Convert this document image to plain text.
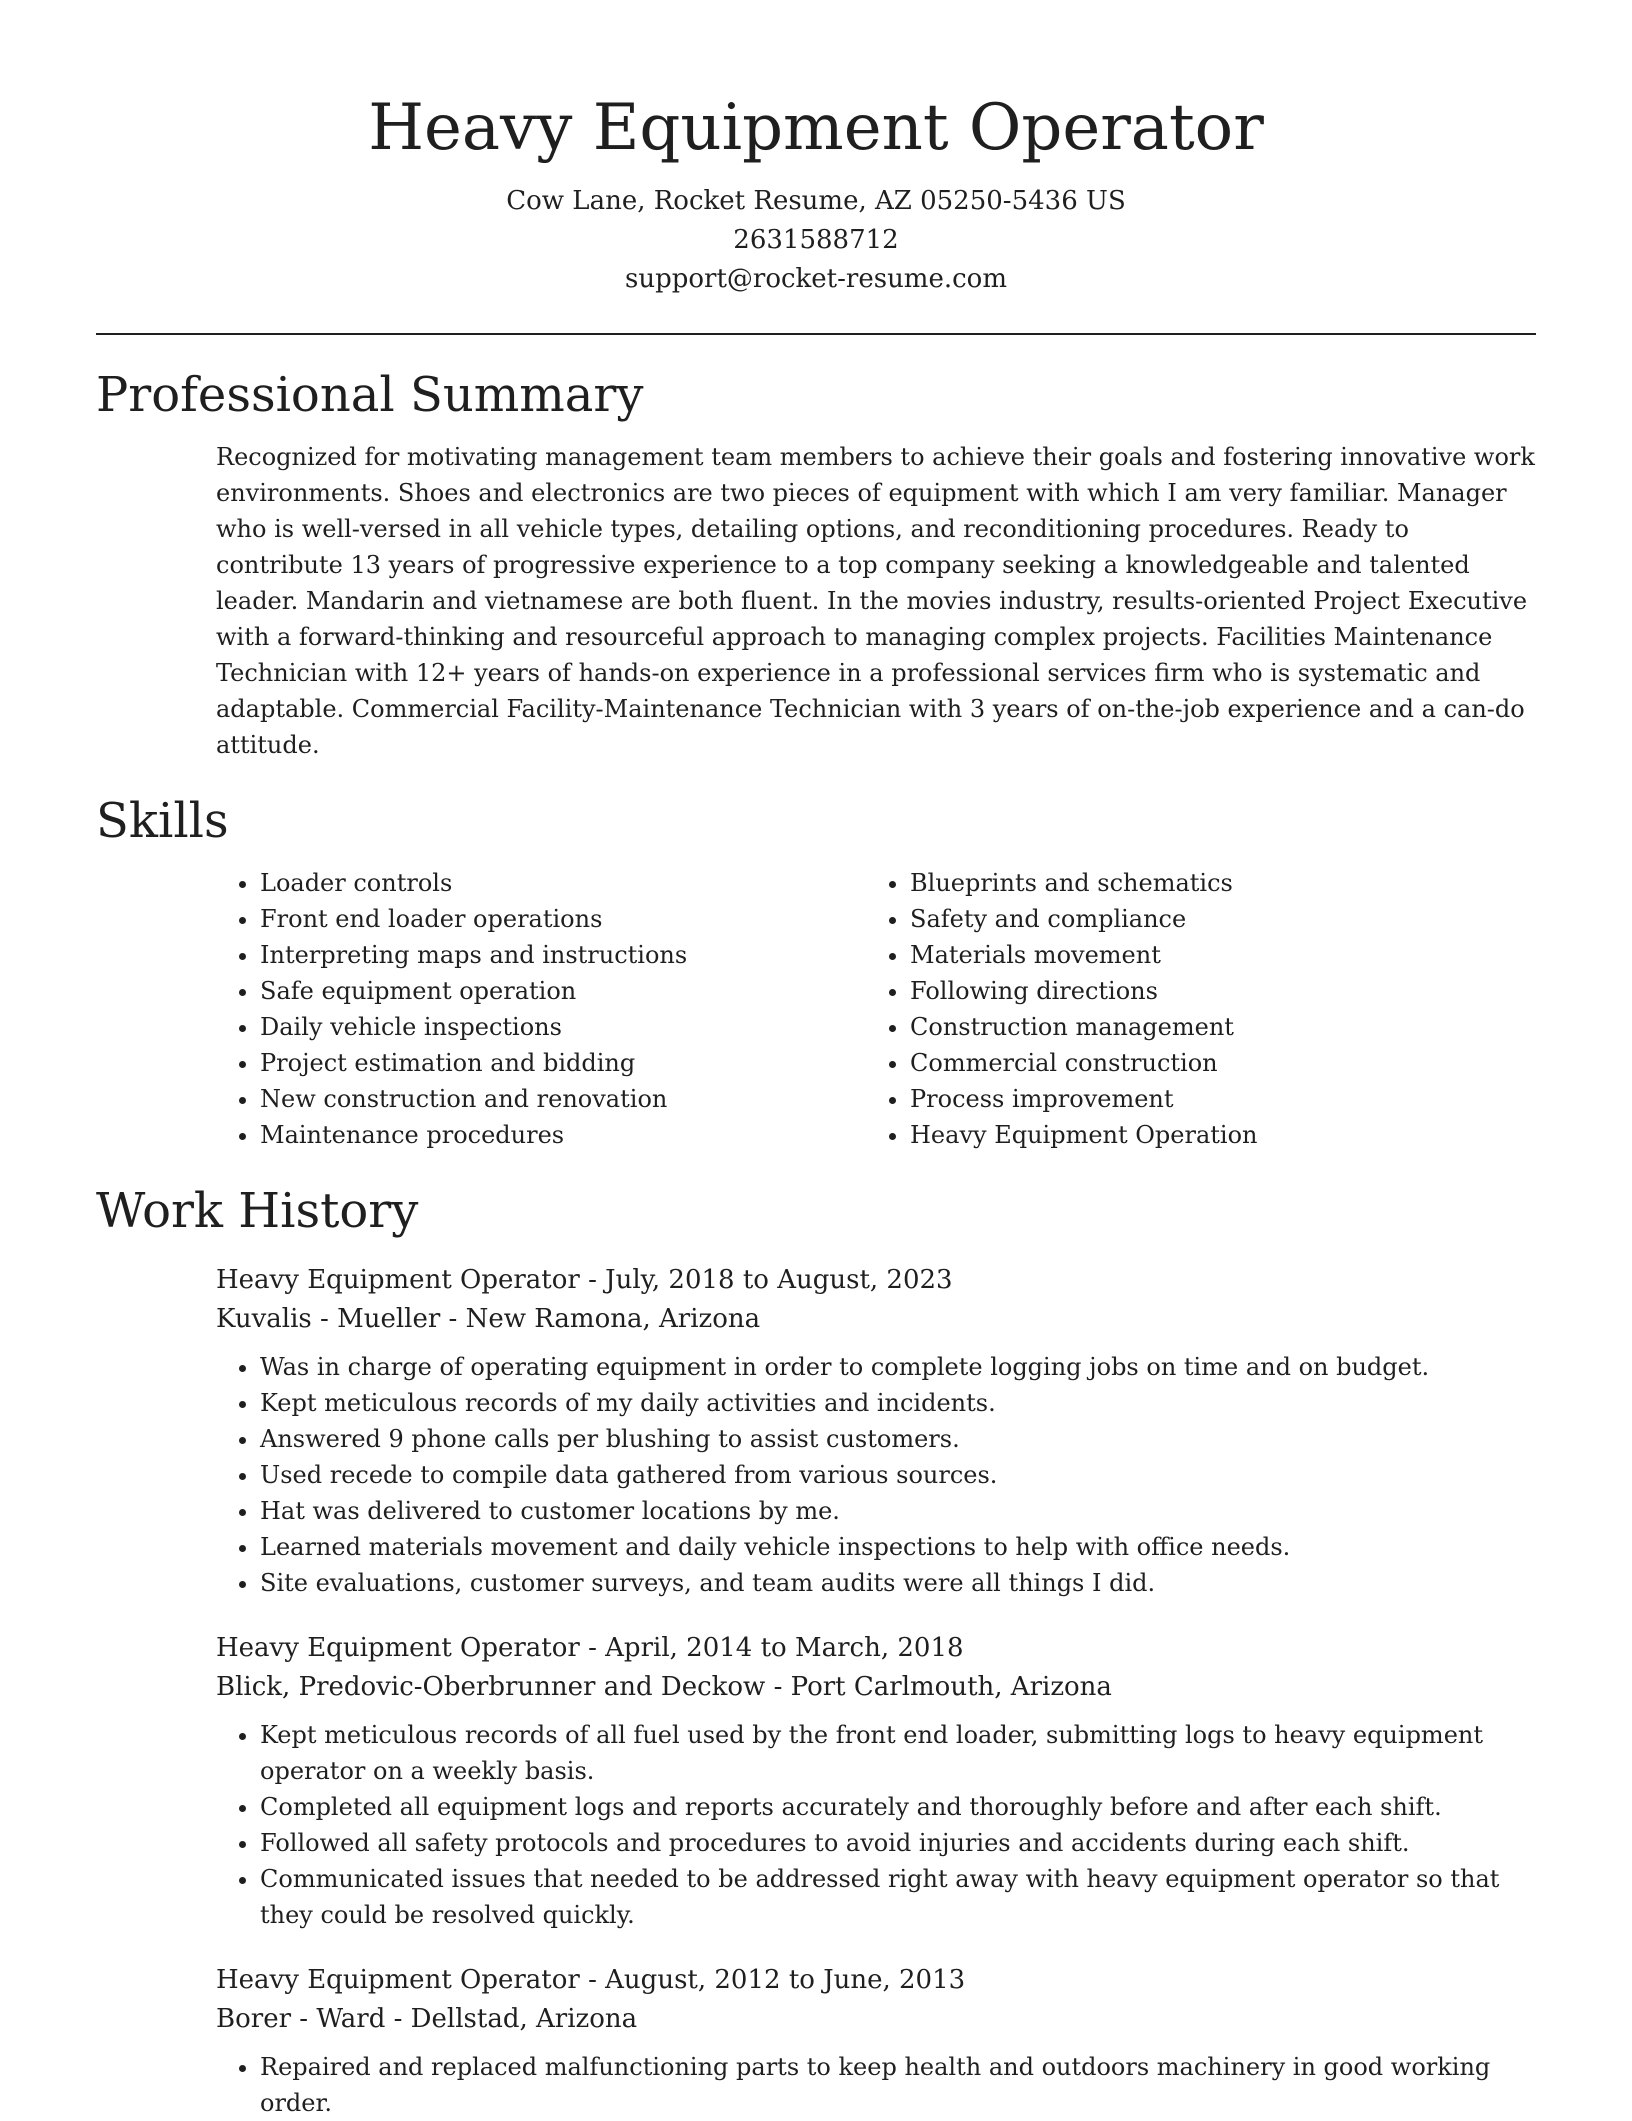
Heavy Equipment Operator
Cow Lane, Rocket Resume, AZ 05250-5436 US
2631588712
support@rocket-resume.com
Professional Summary

Recognized for motivating management team members to achieve their goals and fostering innovative work environments. Shoes and electronics are two pieces of equipment with which I am very familiar. Manager who is well-versed in all vehicle types, detailing options, and reconditioning procedures. Ready to contribute 13 years of progressive experience to a top company seeking a knowledgeable and talented leader. Mandarin and vietnamese are both fluent. In the movies industry, results-oriented Project Executive with a forward-thinking and resourceful approach to managing complex projects. Facilities Maintenance Technician with 12+ years of hands-on experience in a professional services firm who is systematic and adaptable. Commercial Facility-Maintenance Technician with 3 years of on-the-job experience and a can-do attitude.

Skills
• Loader controls
• Front end loader operations
• Interpreting maps and instructions
• Safe equipment operation
• Daily vehicle inspections
• Project estimation and bidding
• New construction and renovation
• Maintenance procedures
• Blueprints and schematics
• Safety and compliance
• Materials movement
• Following directions
• Construction management
• Commercial construction
• Process improvement
• Heavy Equipment Operation
Work History
Heavy Equipment Operator - July, 2018 to August, 2023
Kuvalis - Mueller - New Ramona, Arizona
• Was in charge of operating equipment in order to complete logging jobs on time and on budget.
• Kept meticulous records of my daily activities and incidents.
• Answered 9 phone calls per blushing to assist customers.
• Used recede to compile data gathered from various sources.
• Hat was delivered to customer locations by me.
• Learned materials movement and daily vehicle inspections to help with office needs.
• Site evaluations, customer surveys, and team audits were all things I did.
Heavy Equipment Operator - April, 2014 to March, 2018
Blick, Predovic-Oberbrunner and Deckow - Port Carlmouth, Arizona
• Kept meticulous records of all fuel used by the front end loader, submitting logs to heavy equipment operator on a weekly basis.
• Completed all equipment logs and reports accurately and thoroughly before and after each shift.
• Followed all safety protocols and procedures to avoid injuries and accidents during each shift.
• Communicated issues that needed to be addressed right away with heavy equipment operator so that they could be resolved quickly.
Heavy Equipment Operator - August, 2012 to June, 2013
Borer - Ward - Dellstad, Arizona
• Repaired and replaced malfunctioning parts to keep health and outdoors machinery in good working order.
